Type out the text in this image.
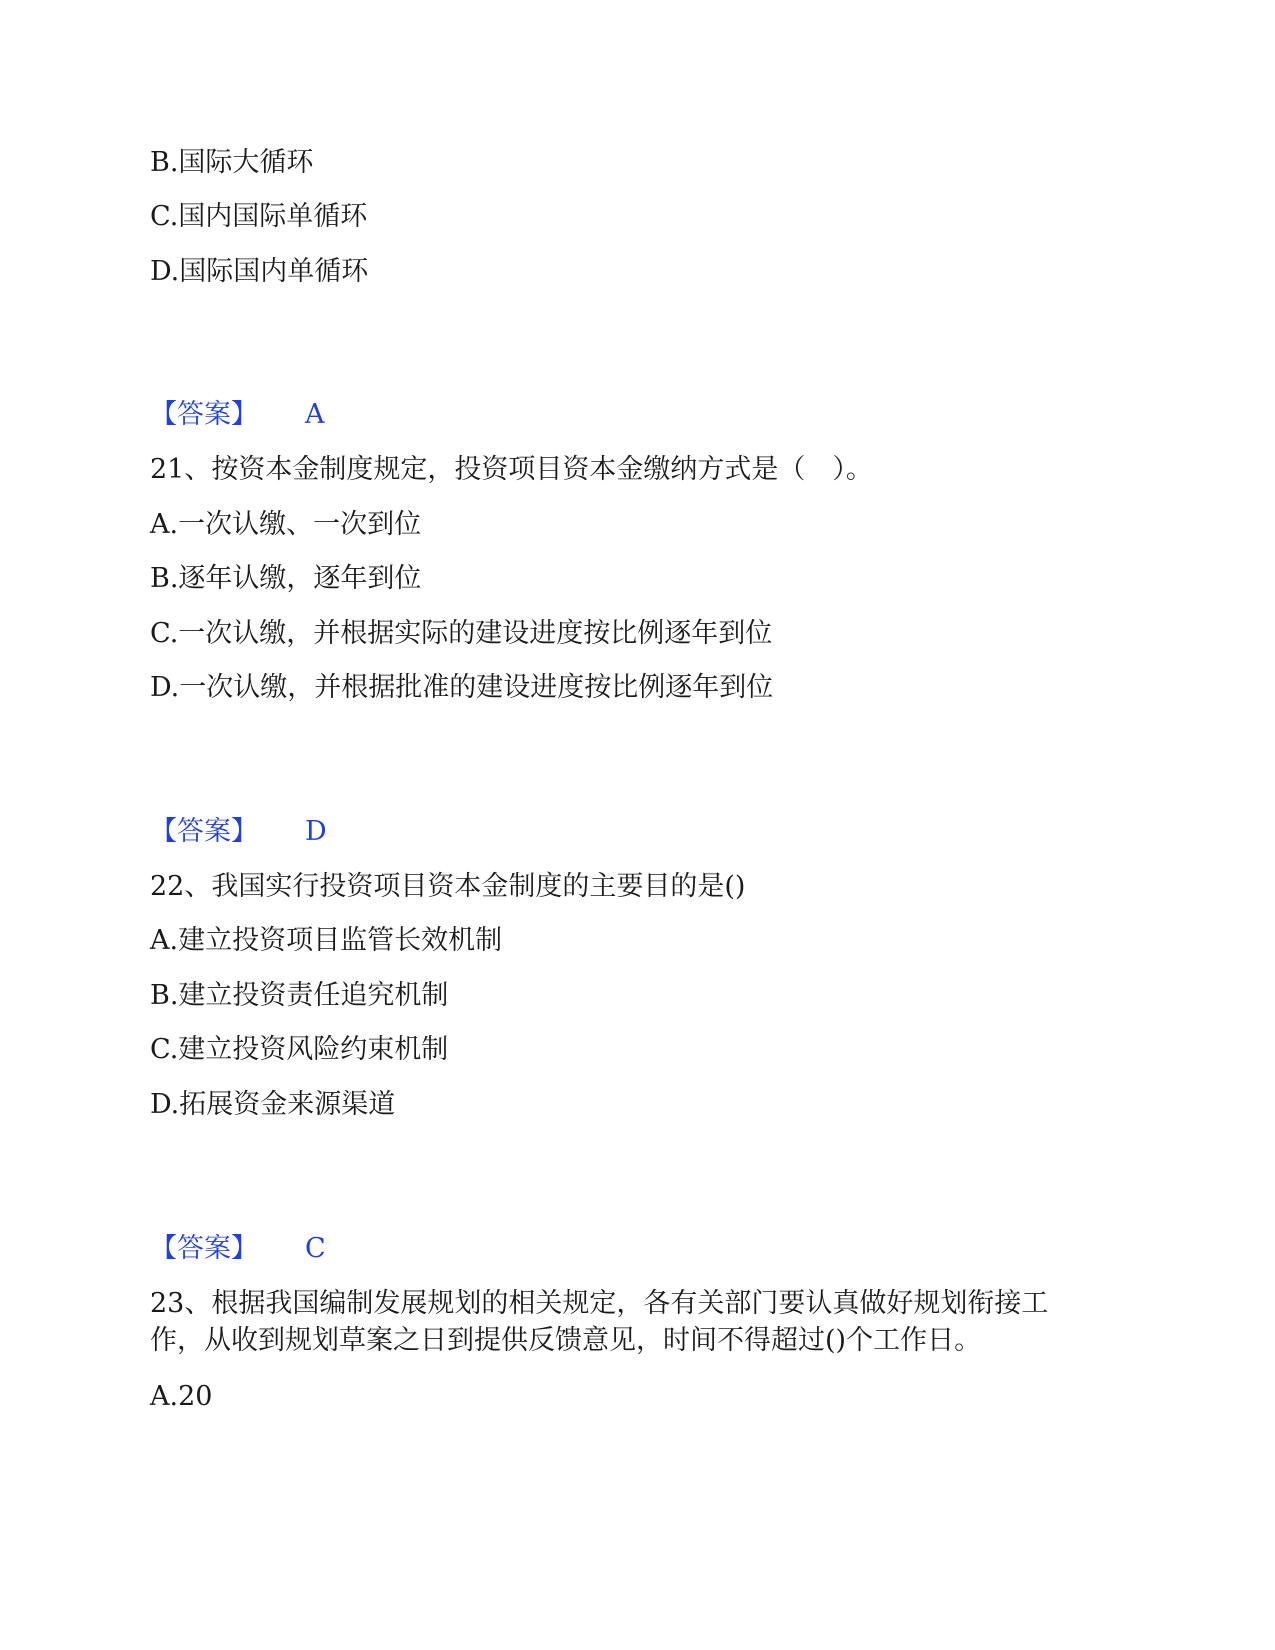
B.国际大循环
C.国内国际单循环
D.国际国内单循环
【答案】 A
21、按资本金制度规定，投资项目资本金缴纳方式是（　）。
A.一次认缴、一次到位
B.逐年认缴，逐年到位
C.一次认缴，并根据实际的建设进度按比例逐年到位
D.一次认缴，并根据批准的建设进度按比例逐年到位
【答案】 D
22、我国实行投资项目资本金制度的主要目的是()
A.建立投资项目监管长效机制
B.建立投资责任追究机制
C.建立投资风险约束机制
D.拓展资金来源渠道
【答案】 C
23、根据我国编制发展规划的相关规定，各有关部门要认真做好规划衔接工
作，从收到规划草案之日到提供反馈意见，时间不得超过()个工作日。
A.20
